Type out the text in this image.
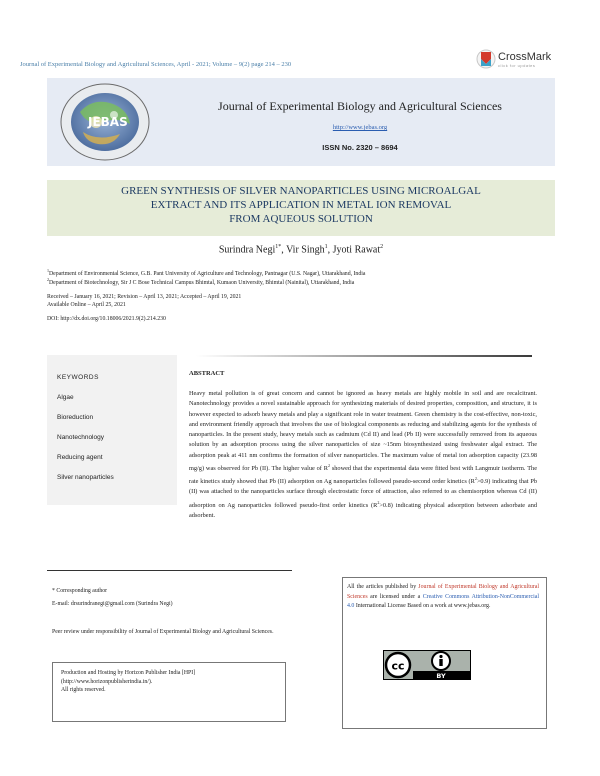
Journal of Experimental Biology and Agricultural Sciences, April - 2021; Volume – 9(2) page 214 – 230
CrossMark
click for updates
JEBAS
Journal of Experimental Biology and Agricultural Sciences
http://www.jebas.org
ISSN No. 2320 – 8694
GREEN SYNTHESIS OF SILVER NANOPARTICLES USING MICROALGAL
EXTRACT AND ITS APPLICATION IN METAL ION REMOVAL
FROM AQUEOUS SOLUTION
Surindra Negi$^{1*}$, Vir Singh$^1$, Jyoti Rawat$^2$
$^1$Department of Environmental Science, G.B. Pant University of Agriculture and Technology, Pantnagar (U.S. Nagar), Uttarakhand, India
$^2$Department of Biotechnology, Sir J C Bose Technical Campus Bhimtal, Kumaon University, Bhimtal (Nainital), Uttarakhand, India
Received – January 16, 2021; Revision – April 13, 2021; Accepted – April 19, 2021
Available Online – April 25, 2021
DOI: http://dx.doi.org/10.18006/2021.9(2).214.230
KEYWORDS
Algae
Bioreduction
Nanotechnology
Reducing agent
Silver nanoparticles
ABSTRACT
Heavy metal pollution is of great concern and cannot be ignored as heavy metals are highly mobile in soil and are recalcitrant. Nanotechnology provides a novel sustainable approach for synthesizing materials of desired properties, composition, and structure, it is however expected to adsorb heavy metals and play a significant role in water treatment. Green chemistry is the cost-effective, non-toxic, and environment friendly approach that involves the use of biological components as reducing and stabilizing agents for the synthesis of nanoparticles. In the present study, heavy metals such as cadmium (Cd II) and lead (Pb II) were successfully removed from its aqueous solution by an adsorption process using the silver nanoparticles of size ~15nm biosynthesized using freshwater algal extract. The adsorption peak at 411 nm confirms the formation of silver nanoparticles. The maximum value of metal ion adsorption capacity (23.98 mg/g) was observed for Pb (II). The higher value of $R^2$ showed that the experimental data were fitted best with Langmuir isotherm. The rate kinetics study showed that Pb (II) adsorption on Ag nanoparticles followed pseudo-second order kinetics $(R^2>0.9)$ indicating that Pb (II) was attached to the nanoparticles surface through electrostatic force of attraction, also referred to as chemisorption whereas Cd (II) adsorption on Ag nanoparticles followed pseudo-first order kinetics $(R^2>0.8)$ indicating physical adsorption between adsorbate and adsorbent.
* Corresponding author
E-mail: drsurindranegi@gmail.com (Surindra Negi)
Peer review under responsibility of Journal of Experimental Biology and Agricultural Sciences.
Production and Hosting by Horizon Publisher India [HPI]
(http://www.horizonpublisherindia.in/).
All rights reserved.
All the articles published by Journal of Experimental Biology and Agricultural Sciences are licensed under a Creative Commons Attribution-NonCommercial 4.0 International License Based on a work at www.jebas.org.
cc
BY
